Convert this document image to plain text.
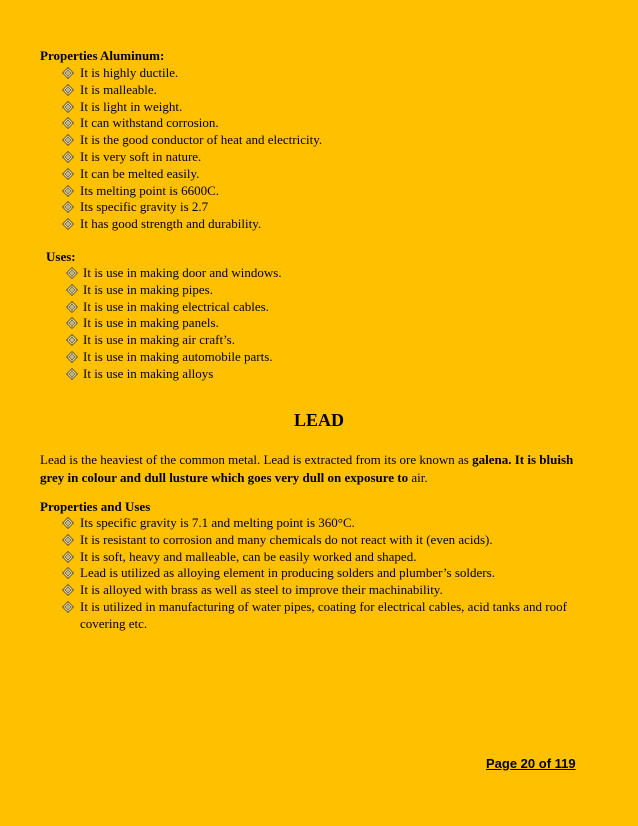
Properties Aluminum:
It is highly ductile.
It is malleable.
It is light in weight.
It can withstand corrosion.
It is the good conductor of heat and electricity.
It is very soft in nature.
It can be melted easily.
Its melting point is 6600C.
Its specific gravity is 2.7
It has good strength and durability.
Uses:
It is use in making door and windows.
It is use in making pipes.
It is use in making electrical cables.
It is use in making panels.
It is use in making air craft’s.
It is use in making automobile parts.
It is use in making alloys
LEAD
Lead is the heaviest of the common metal. Lead is extracted from its ore known as galena. It is bluish grey in colour and dull lusture which goes very dull on exposure to air.
Properties and Uses
Its specific gravity is 7.1 and melting point is 360°C.
It is resistant to corrosion and many chemicals do not react with it (even acids).
It is soft, heavy and malleable, can be easily worked and shaped.
Lead is utilized as alloying element in producing solders and plumber’s solders.
It is alloyed with brass as well as steel to improve their machinability.
It is utilized in manufacturing of water pipes, coating for electrical cables, acid tanks and roof covering etc.
Page 20 of 119
